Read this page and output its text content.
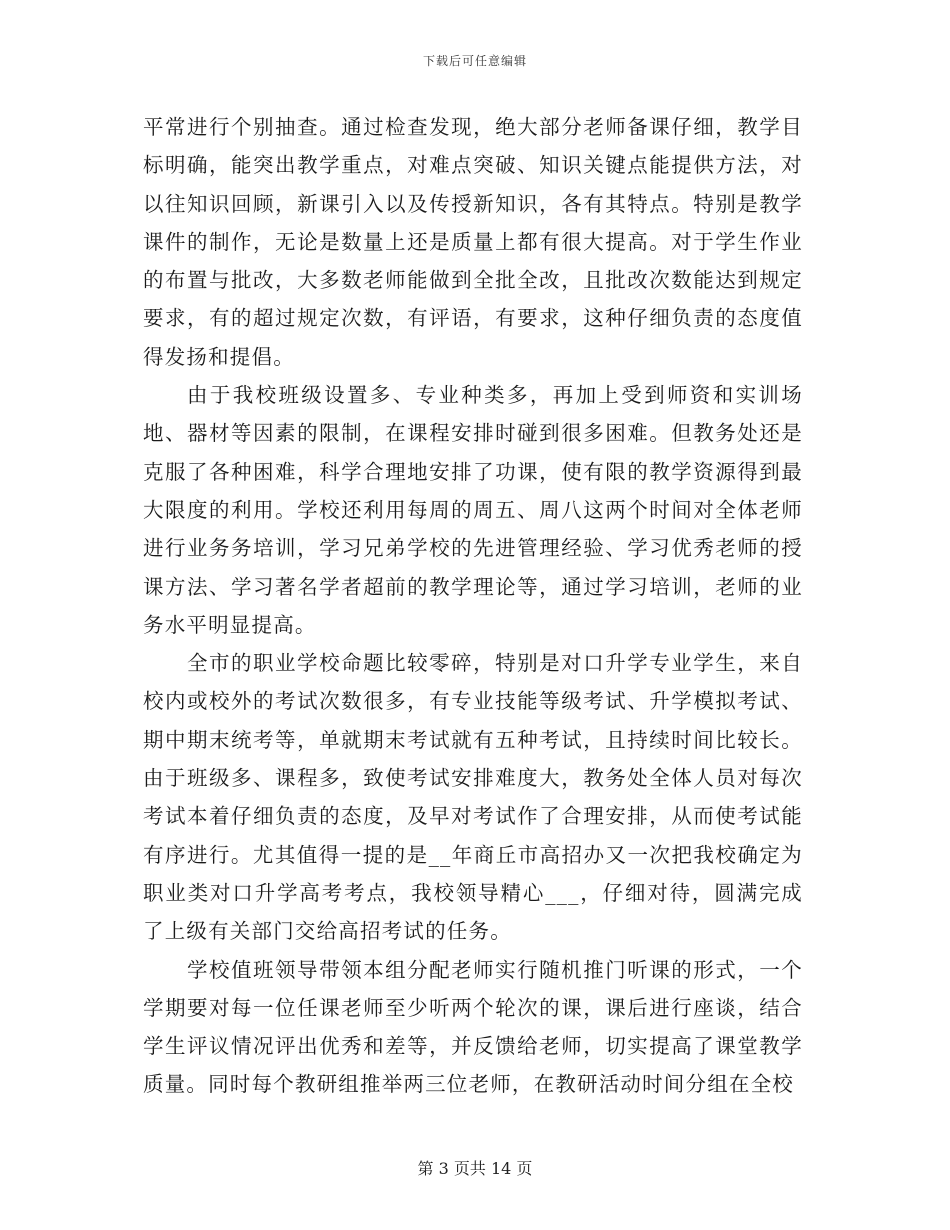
下载后可任意编辑

平常进行个别抽查。通过检查发现，绝大部分老师备课仔细，教学目标明确，能突出教学重点，对难点突破、知识关键点能提供方法，对以往知识回顾，新课引入以及传授新知识，各有其特点。特别是教学课件的制作，无论是数量上还是质量上都有很大提高。对于学生作业的布置与批改，大多数老师能做到全批全改，且批改次数能达到规定要求，有的超过规定次数，有评语，有要求，这种仔细负责的态度值得发扬和提倡。

由于我校班级设置多、专业种类多，再加上受到师资和实训场地、器材等因素的限制，在课程安排时碰到很多困难。但教务处还是克服了各种困难，科学合理地安排了功课，使有限的教学资源得到最大限度的利用。学校还利用每周的周五、周八这两个时间对全体老师进行业务务培训，学习兄弟学校的先进管理经验、学习优秀老师的授课方法、学习著名学者超前的教学理论等，通过学习培训，老师的业务水平明显提高。

全市的职业学校命题比较零碎，特别是对口升学专业学生，来自校内或校外的考试次数很多，有专业技能等级考试、升学模拟考试、期中期末统考等，单就期末考试就有五种考试，且持续时间比较长。由于班级多、课程多，致使考试安排难度大，教务处全体人员对每次考试本着仔细负责的态度，及早对考试作了合理安排，从而使考试能有序进行。尤其值得一提的是__年商丘市高招办又一次把我校确定为职业类对口升学高考考点，我校领导精心___，仔细对待，圆满完成了上级有关部门交给高招考试的任务。

学校值班领导带领本组分配老师实行随机推门听课的形式，一个学期要对每一位任课老师至少听两个轮次的课，课后进行座谈，结合学生评议情况评出优秀和差等，并反馈给老师，切实提高了课堂教学质量。同时每个教研组推举两三位老师，在教研活动时间分组在全校

第 3 页共 14 页
